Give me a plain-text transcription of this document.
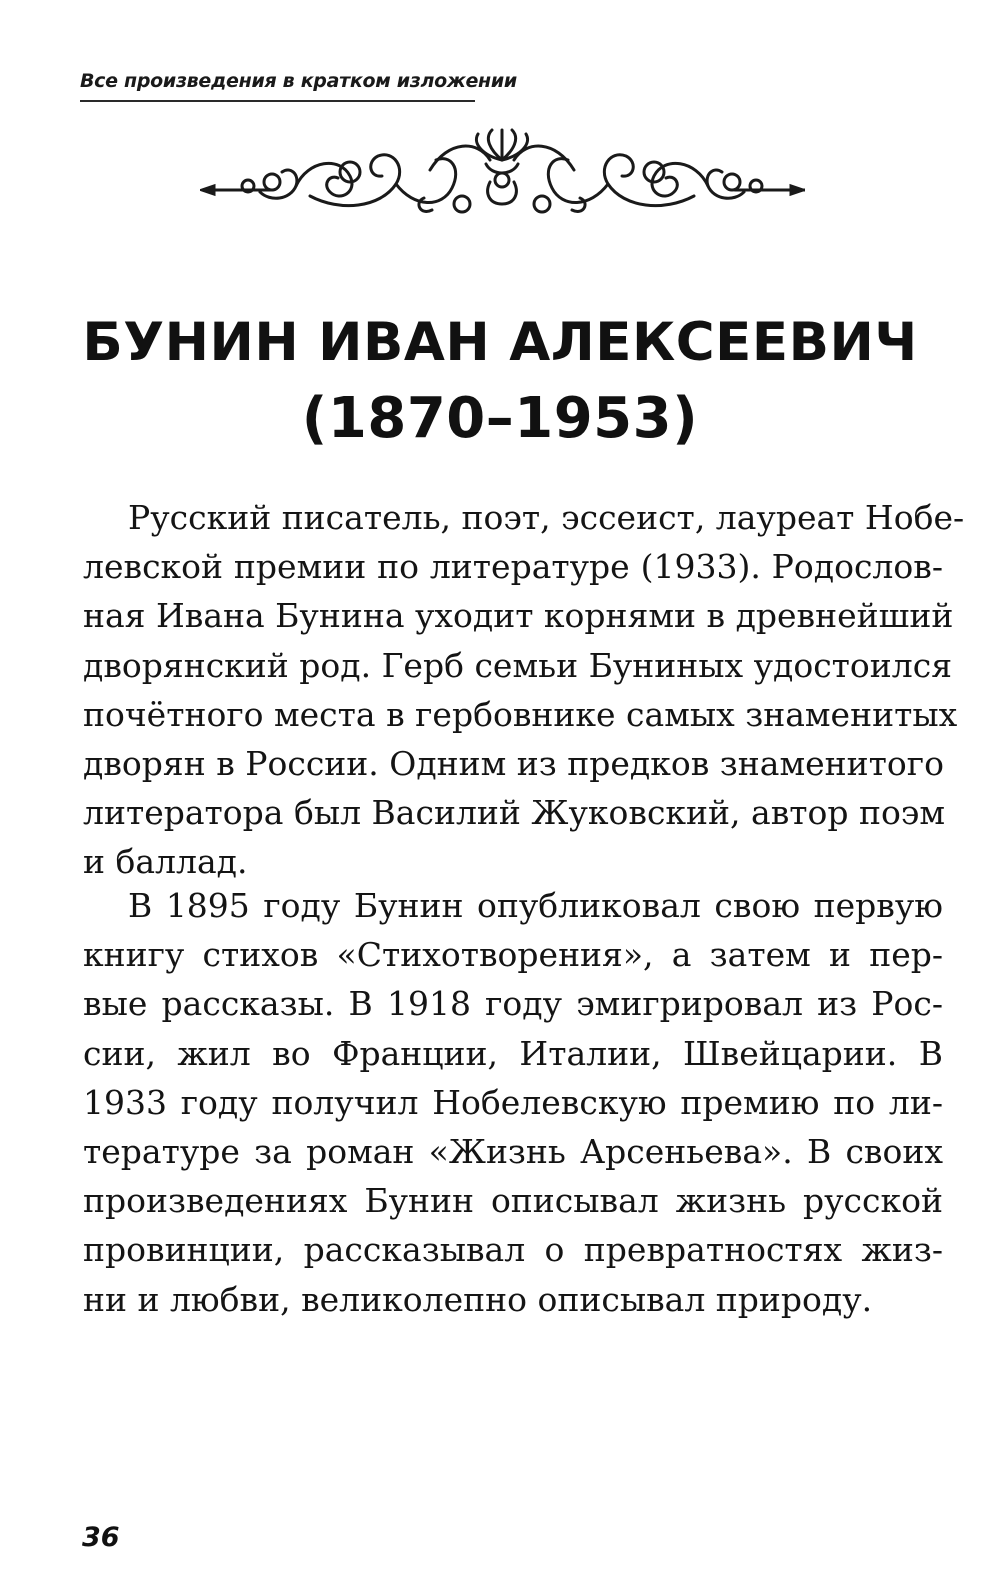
Все произведения в кратком изложении
БУНИН ИВАН АЛЕКСЕЕВИЧ
(1870–1953)
Русский писатель, поэт, эссеист, лауреат Нобе-
левской премии по литературе (1933). Родослов-
ная Ивана Бунина уходит корнями в древнейший
дворянский род. Герб семьи Буниных удостоился
почётного места в гербовнике самых знаменитых
дворян в России. Одним из предков знаменитого
литератора был Василий Жуковский, автор поэм
и баллад.
В 1895 году Бунин опубликовал свою первую
книгу стихов «Стихотворения», а затем и пер-
вые рассказы. В 1918 году эмигрировал из Рос-
сии, жил во Франции, Италии, Швейцарии. В
1933 году получил Нобелевскую премию по ли-
тературе за роман «Жизнь Арсеньева». В своих
произведениях Бунин описывал жизнь русской
провинции, рассказывал о превратностях жиз-
ни и любви, великолепно описывал природу.
36
